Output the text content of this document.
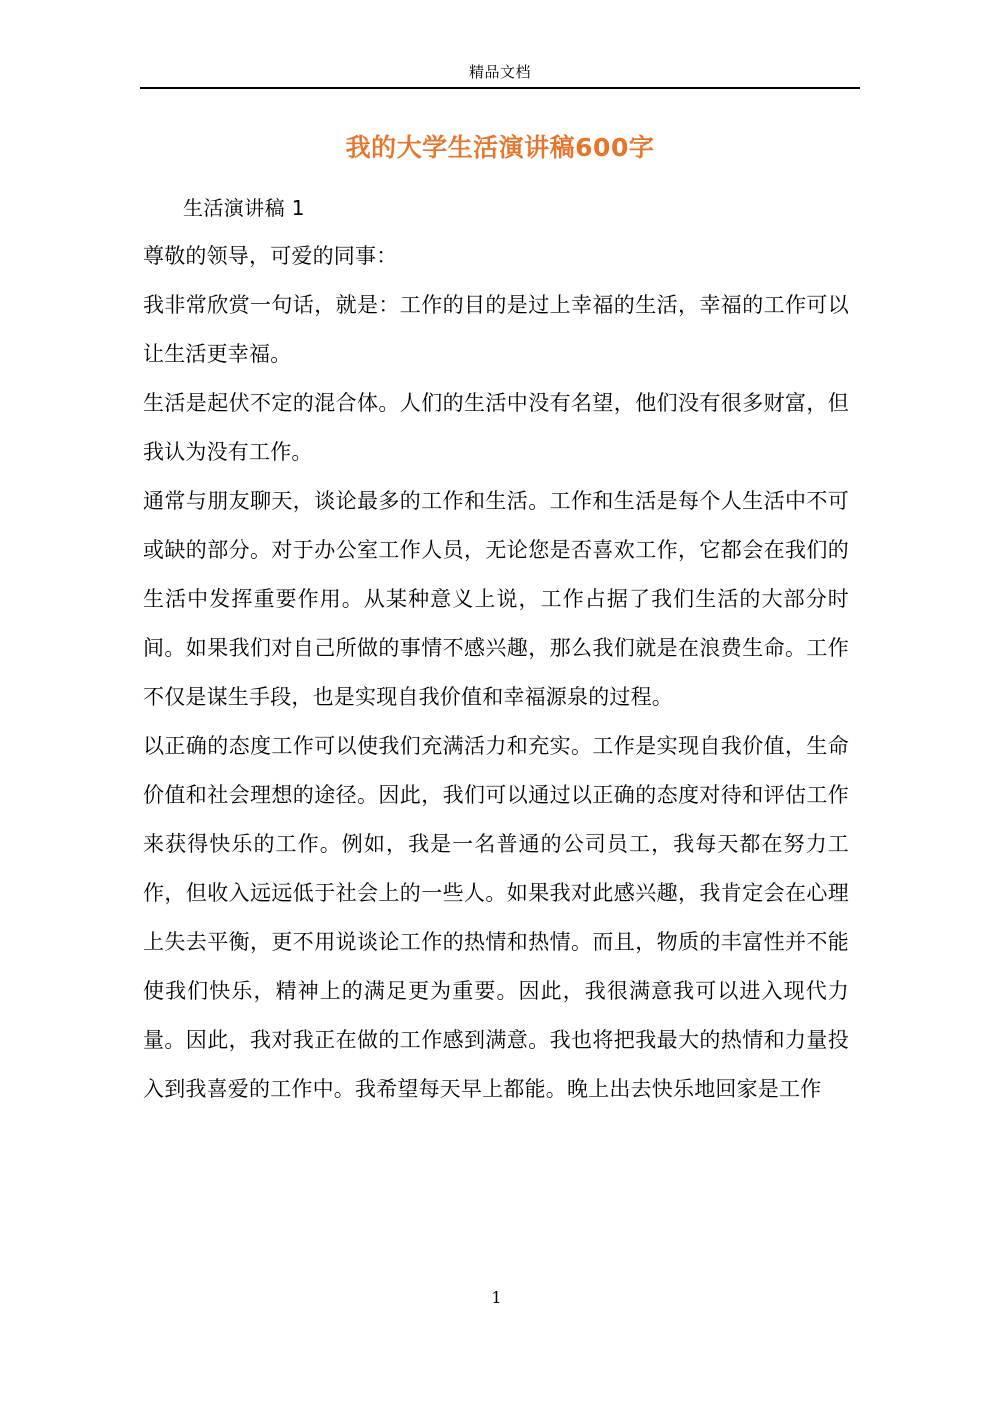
精品文档
我的大学生活演讲稿600字
生活演讲稿 1

尊敬的领导，可爱的同事：

我非常欣赏一句话，就是：工作的目的是过上幸福的生活，幸福的工作可以让生活更幸福。

生活是起伏不定的混合体。人们的生活中没有名望，他们没有很多财富，但我认为没有工作。

通常与朋友聊天，谈论最多的工作和生活。工作和生活是每个人生活中不可或缺的部分。对于办公室工作人员，无论您是否喜欢工作，它都会在我们的生活中发挥重要作用。从某种意义上说，工作占据了我们生活的大部分时间。如果我们对自己所做的事情不感兴趣，那么我们就是在浪费生命。工作不仅是谋生手段，也是实现自我价值和幸福源泉的过程。

以正确的态度工作可以使我们充满活力和充实。工作是实现自我价值，生命价值和社会理想的途径。因此，我们可以通过以正确的态度对待和评估工作来获得快乐的工作。例如，我是一名普通的公司员工，我每天都在努力工作，但收入远远低于社会上的一些人。如果我对此感兴趣，我肯定会在心理上失去平衡，更不用说谈论工作的热情和热情。而且，物质的丰富性并不能使我们快乐，精神上的满足更为重要。因此，我很满意我可以进入现代力量。因此，我对我正在做的工作感到满意。我也将把我最大的热情和力量投入到我喜爱的工作中。我希望每天早上都能。晚上出去快乐地回家是工作

1
